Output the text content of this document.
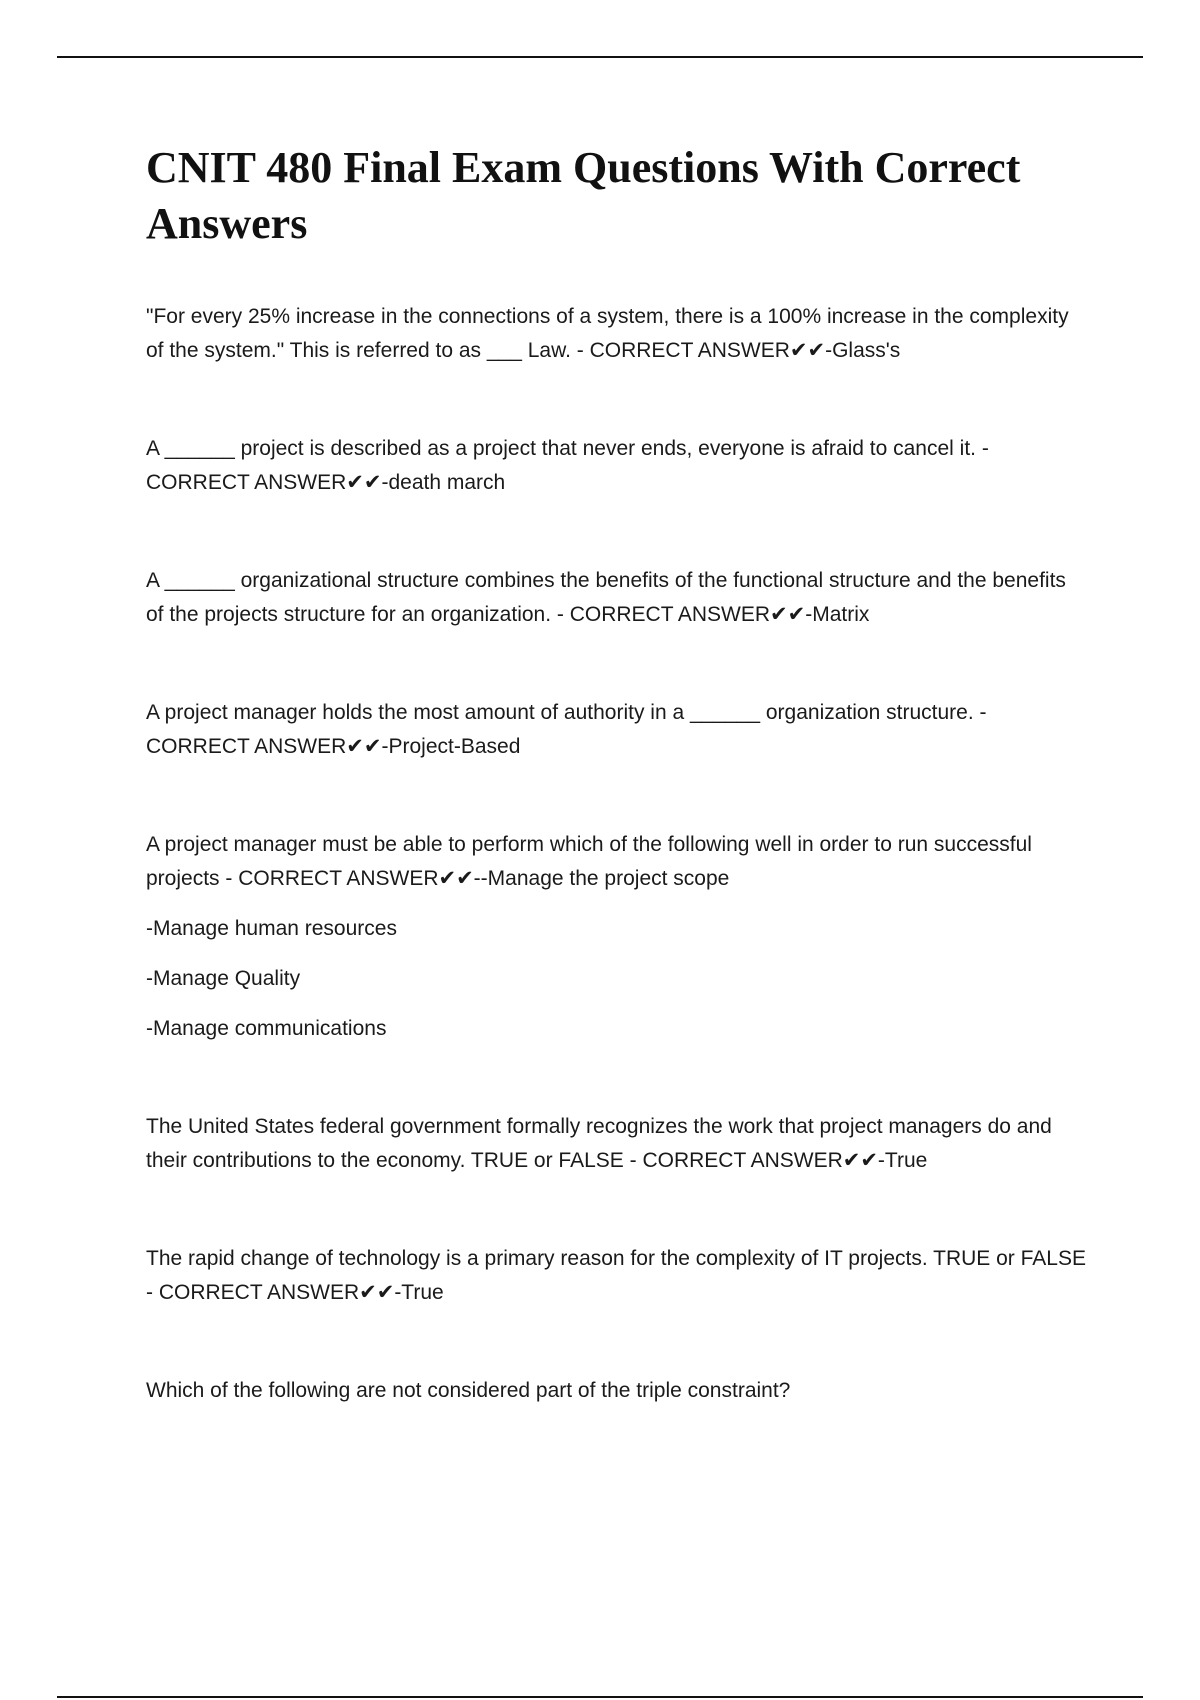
CNIT 480 Final Exam Questions With Correct Answers

"For every 25% increase in the connections of a system, there is a 100% increase in the complexity of the system." This is referred to as ___ Law. - CORRECT ANSWER✔✔-Glass's

A ______ project is described as a project that never ends, everyone is afraid to cancel it. - CORRECT ANSWER✔✔-death march

A ______ organizational structure combines the benefits of the functional structure and the benefits of the projects structure for an organization. - CORRECT ANSWER✔✔-Matrix

A project manager holds the most amount of authority in a ______ organization structure. - CORRECT ANSWER✔✔-Project-Based

A project manager must be able to perform which of the following well in order to run successful projects - CORRECT ANSWER✔✔--Manage the project scope

-Manage human resources

-Manage Quality

-Manage communications

The United States federal government formally recognizes the work that project managers do and their contributions to the economy. TRUE or FALSE - CORRECT ANSWER✔✔-True

The rapid change of technology is a primary reason for the complexity of IT projects. TRUE or FALSE - CORRECT ANSWER✔✔-True

Which of the following are not considered part of the triple constraint?
